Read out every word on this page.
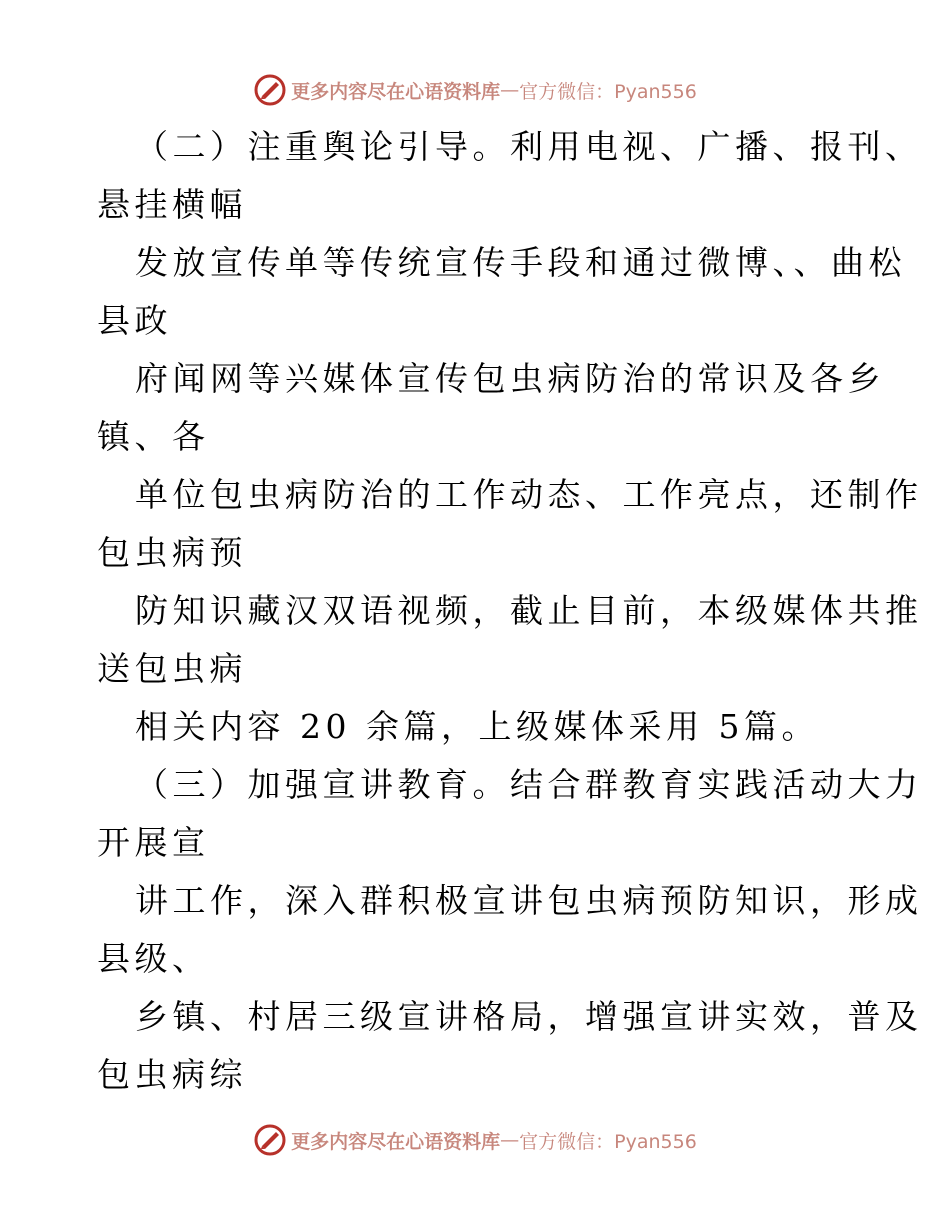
更多内容尽在心语资料库 — 官方微信：Pyan556

（二）注重舆论引导。利用电视、广播、报刊、

悬挂横幅

发放宣传单等传统宣传手段和通过微博、、曲松

县政

府闻网等兴媒体宣传包虫病防治的常识及各乡

镇、各

单位包虫病防治的工作动态、工作亮点，还制作

包虫病预

防知识藏汉双语视频，截止目前，本级媒体共推

送包虫病

相关内容 20 余篇，上级媒体采用 5篇。

（三）加强宣讲教育。结合群教育实践活动大力

开展宣

讲工作，深入群积极宣讲包虫病预防知识，形成

县级、

乡镇、村居三级宣讲格局，增强宣讲实效，普及

包虫病综

更多内容尽在心语资料库 — 官方微信：Pyan556
